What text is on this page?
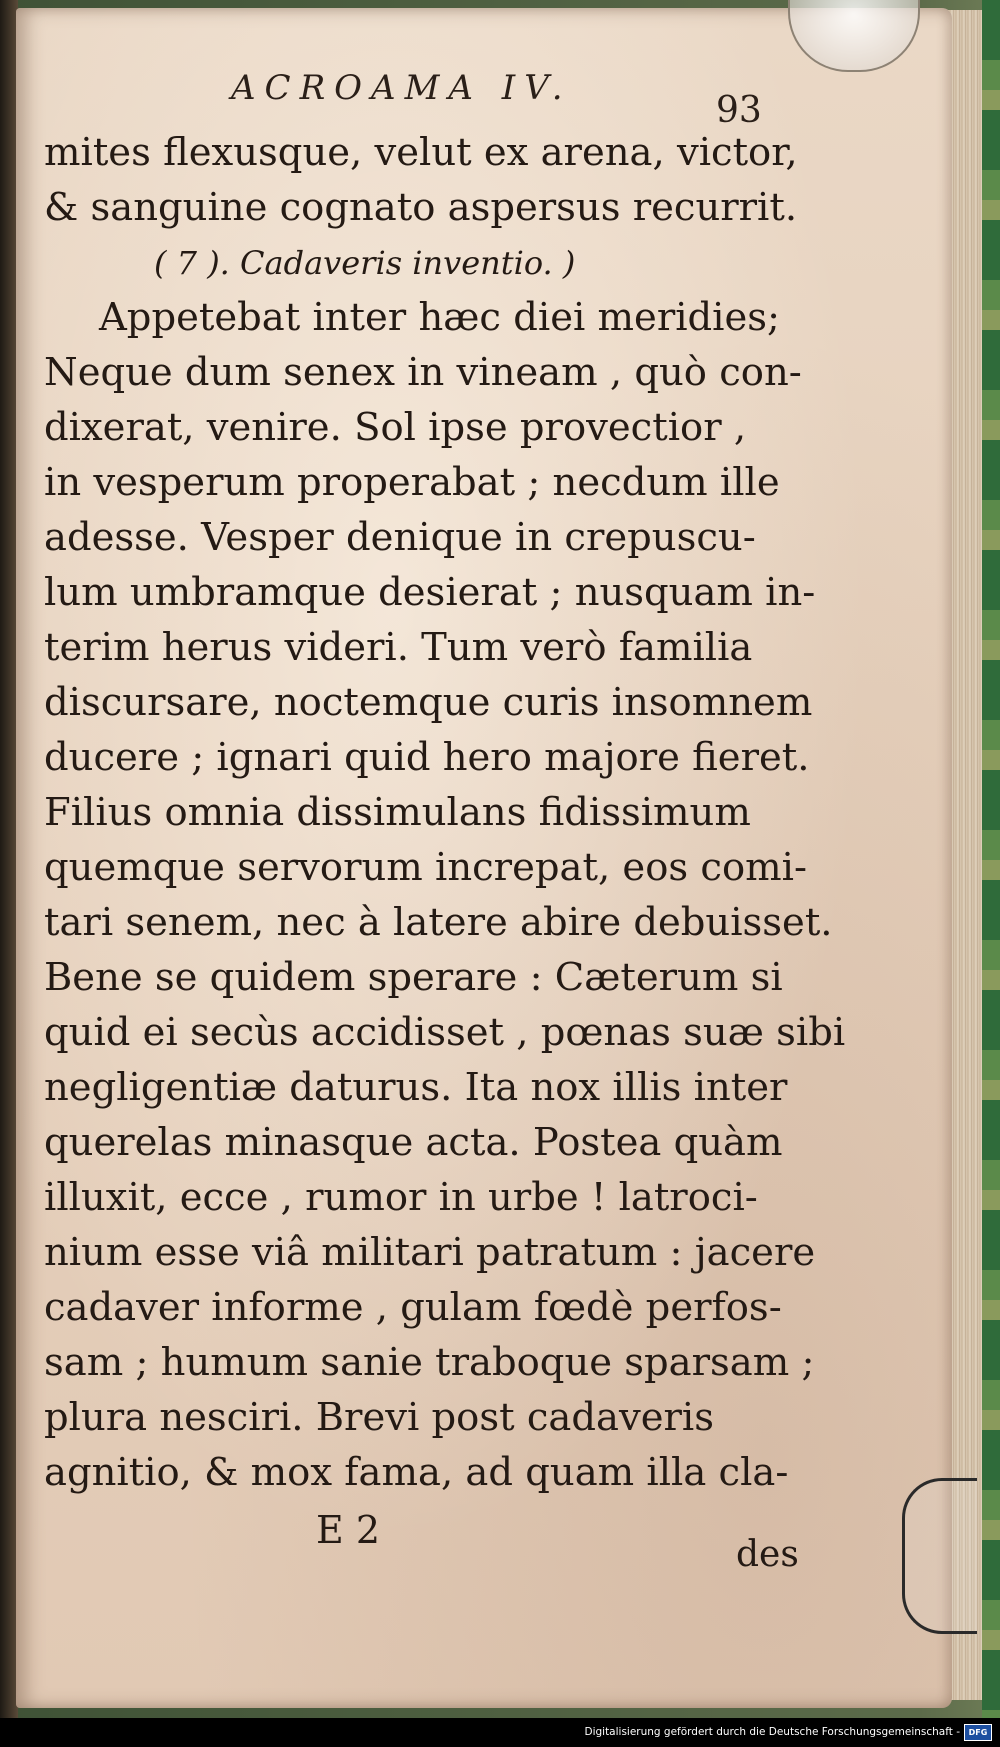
ACROAMA IV.
93
mites flexusque, velut ex arena, victor,
& sanguine cognato aspersus recurrit.
( 7 ). Cadaveris inventio. )
Appetebat inter hæc diei meridies;
Neque dum senex in vineam , quò con-
dixerat, venire. Sol ipse provectior ,
in vesperum properabat ; necdum ille
adesse. Vesper denique in crepuscu-
lum umbramque desierat ; nusquam in-
terim herus videri. Tum verò familia
discursare, noctemque curis insomnem
ducere ; ignari quid hero majore fieret.
Filius omnia dissimulans fidissimum
quemque servorum increpat, eos comi-
tari senem, nec à latere abire debuisset.
Bene se quidem sperare : Cæterum si
quid ei secùs accidisset , pœnas suæ sibi
negligentiæ daturus. Ita nox illis inter
querelas minasque acta. Postea quàm
illuxit, ecce , rumor in urbe ! latroci-
nium esse viâ militari patratum : jacere
cadaver informe , gulam fœdè perfos-
sam ; humum sanie traboque sparsam ;
plura nesciri. Brevi post cadaveris
agnitio, & mox fama, ad quam illa cla-
E 2
des
Digitalisierung gefördert durch die Deutsche Forschungsgemeinschaft -	DFG
